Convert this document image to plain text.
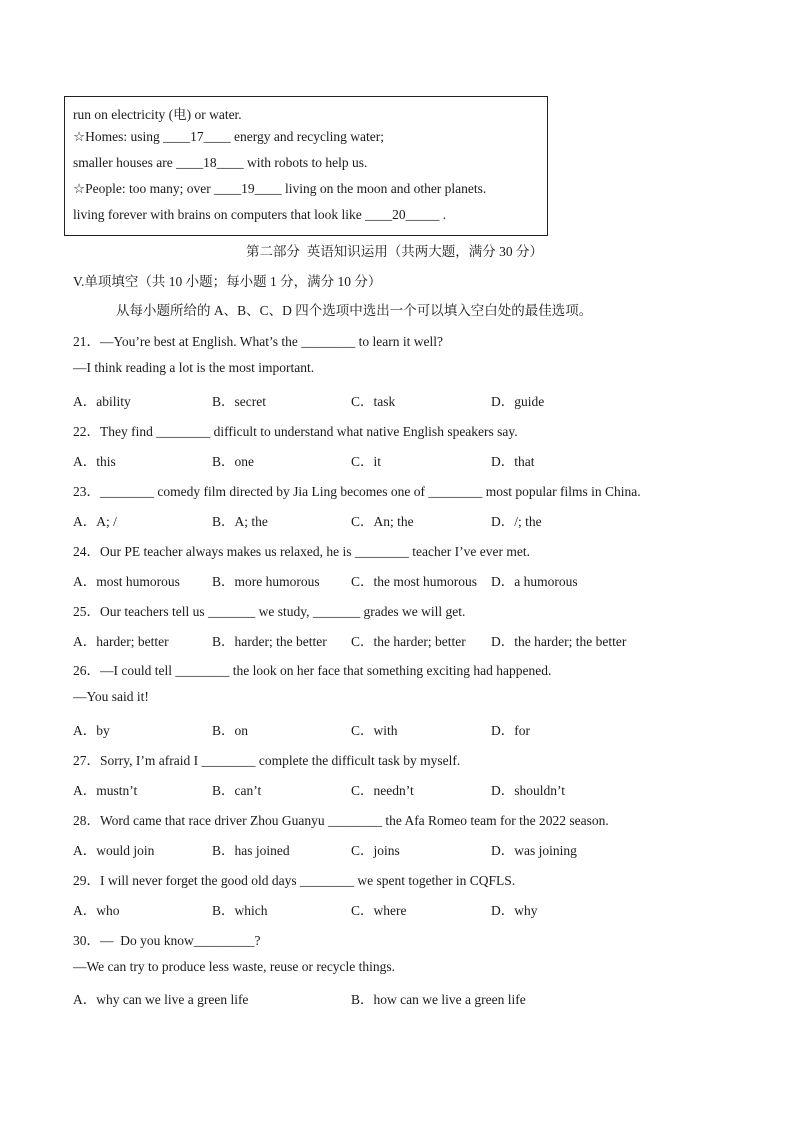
run on electricity (电) or water.
☆Homes: using ____17____ energy and recycling water;
smaller houses are ____18____ with robots to help us.
☆People: too many; over ____19____ living on the moon and other planets.
living forever with brains on computers that look like ____20_____ .
第二部分  英语知识运用（共两大题，满分 30 分）
V.单项填空（共 10 小题；每小题 1 分，满分 10 分）
从每小题所给的 A、B、C、D 四个选项中选出一个可以填入空白处的最佳选项。
21．—You’re best at English. What’s the ________ to learn it well?
—I think reading a lot is the most important.
A．ability	B．secret	C．task	D．guide
22．They find ________ difficult to understand what native English speakers say.
A．this	B．one	C．it	D．that
23．________ comedy film directed by Jia Ling becomes one of ________ most popular films in China.
A．A; /	B．A; the	C．An; the	D．/; the
24．Our PE teacher always makes us relaxed, he is ________ teacher I’ve ever met.
A．most humorous B．more humorous C．the most humorous D．a humorous
25．Our teachers tell us _______ we study, _______ grades we will get.
A．harder; better	B．harder; the better C．the harder; better D．the harder; the better
26．—I could tell ________ the look on her face that something exciting had happened.
—You said it!
A．by	B．on	C．with	D．for
27．Sorry, I’m afraid I ________ complete the difficult task by myself.
A．mustn’t	B．can’t	C．needn’t	D．shouldn’t
28．Word came that race driver Zhou Guanyu ________ the Afa Romeo team for the 2022 season.
A．would join	B．has joined	C．joins	D．was joining
29．I will never forget the good old days ________ we spent together in CQFLS.
A．who	B．which	C．where	D．why
30．—  Do you know_________?
—We can try to produce less waste, reuse or recycle things.
A．why can we live a green life	B．how can we live a green life
